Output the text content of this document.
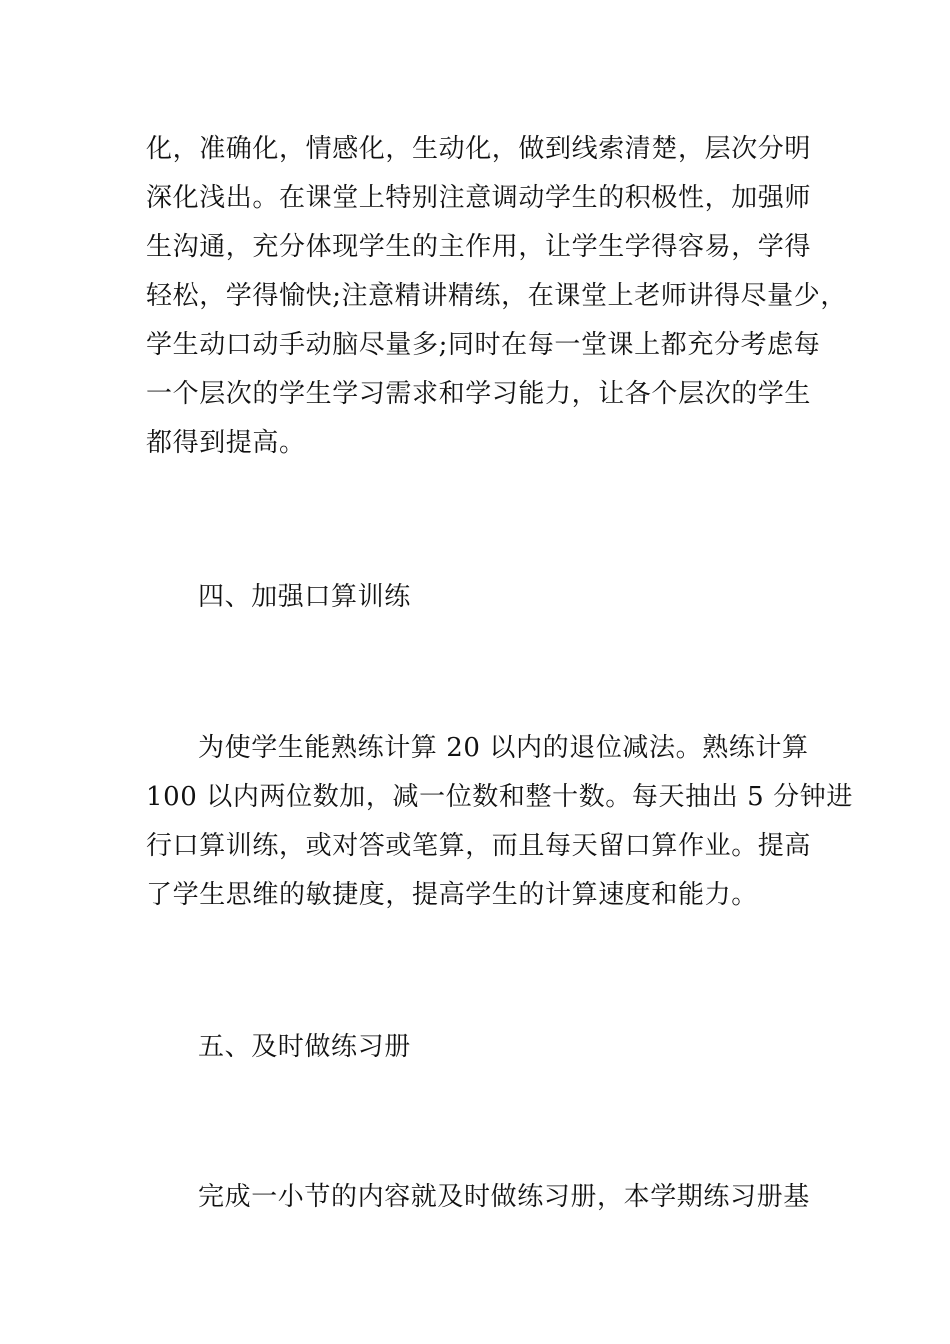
化，准确化，情感化，生动化，做到线索清楚，层次分明
深化浅出。在课堂上特别注意调动学生的积极性，加强师
生沟通，充分体现学生的主作用，让学生学得容易，学得
轻松，学得愉快;注意精讲精练，在课堂上老师讲得尽量少，
学生动口动手动脑尽量多;同时在每一堂课上都充分考虑每
一个层次的学生学习需求和学习能力，让各个层次的学生
都得到提高。
四、加强口算训练
为使学生能熟练计算 20 以内的退位减法。熟练计算
100 以内两位数加，减一位数和整十数。每天抽出 5 分钟进
行口算训练，或对答或笔算，而且每天留口算作业。提高
了学生思维的敏捷度，提高学生的计算速度和能力。
五、及时做练习册
完成一小节的内容就及时做练习册，本学期练习册基
